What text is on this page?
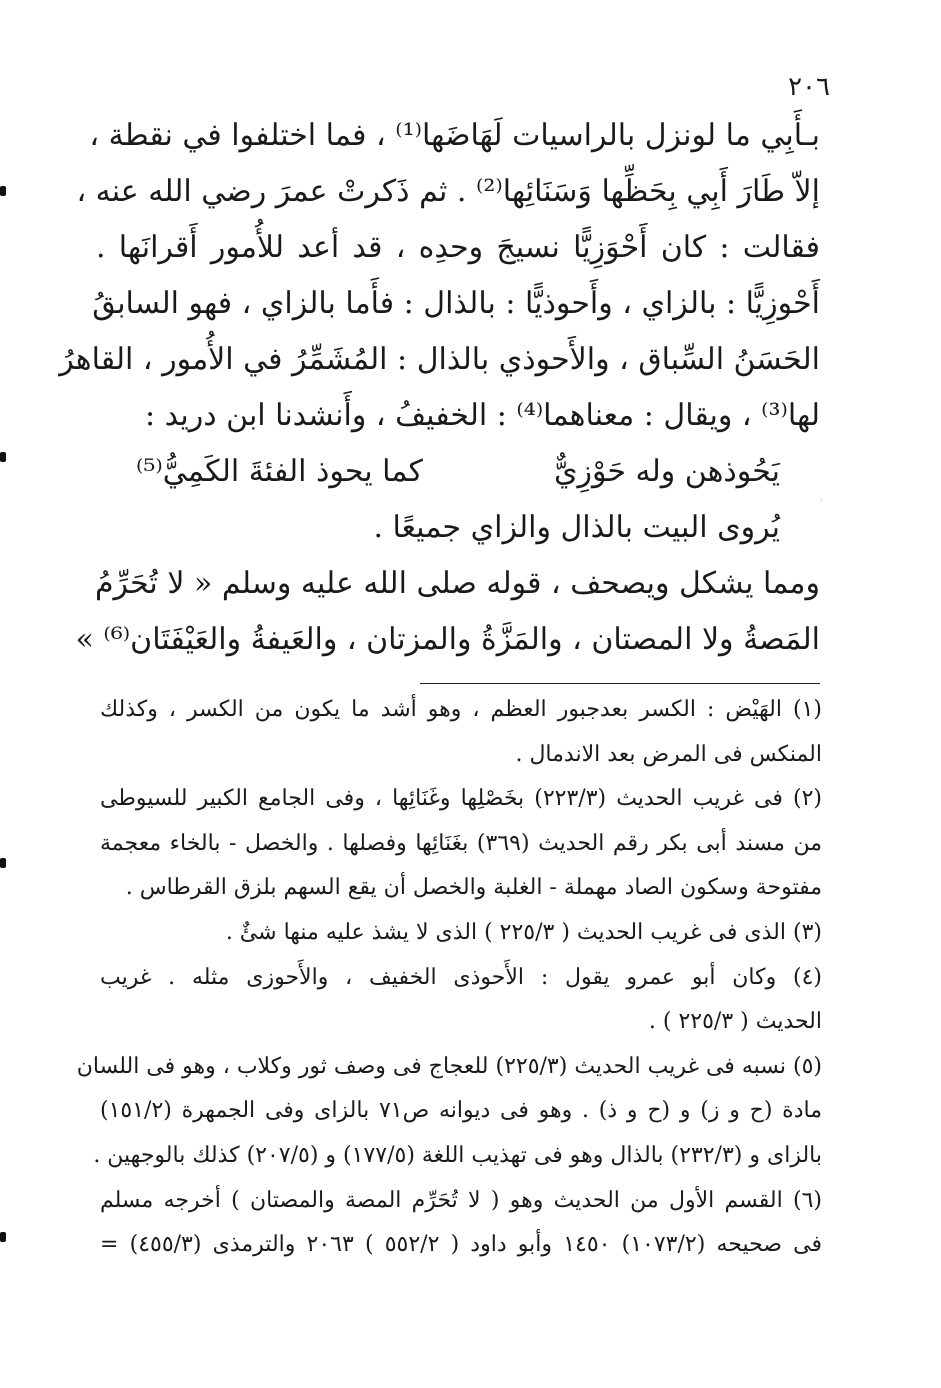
٢٠٦
بـأَبِي ما لونزل بالراسيات لَهَاضَها⁽¹⁾ ، فما اختلفوا في نقطة ،
إلاّ طَارَ أَبِي بِحَظِّها وَسَنَائِها⁽²⁾ . ثم ذَكرتْ عمرَ رضي الله عنه ،
فقالت : كان أَحْوَزِيًّا نسيجَ وحدِه ، قد أعد للأُمور أَقرانَها .
أَحْوزِيًّا : بالزاي ، وأَحوذيًّا : بالذال : فأَما بالزاي ، فهو السابقُ
الحَسَنُ السِّباق ، والأَحوذي بالذال : المُشَمِّرُ في الأُمور ، القاهرُ
لها⁽³⁾ ، ويقال : معناهما⁽⁴⁾ : الخفيفُ ، وأَنشدنا ابن دريد :
يَحُوذهن وله حَوْزِيٌّ
كما يحوذ الفئةَ الكَمِيُّ⁽⁵⁾
يُروى البيت بالذال والزاي جميعًا .
ومما يشكل ويصحف ، قوله صلى الله عليه وسلم « لا تُحَرِّمُ
المَصةُ ولا المصتان ، والمَزَّةُ والمزتان ، والعَيفةُ والعَيْفَتَان⁽⁶⁾ »
(١) الهَيْض : الكسر بعدجبور العظم ، وهو أشد ما يكون من الكسر ، وكذلك
المنكس فى المرض بعد الاندمال .
(٢) فى غريب الحديث (٢٢٣/٣) بخَصْلِها وغَنَائِها ، وفى الجامع الكبير للسيوطى
من مسند أبى بكر رقم الحديث (٣٦٩) بغَنَائِها وفصلها . والخصل - بالخاء معجمة
مفتوحة وسكون الصاد مهملة - الغلبة والخصل أن يقع السهم بلزق القرطاس .
(٣) الذى فى غريب الحديث ( ٢٢٥/٣ ) الذى لا يشذ عليه منها شئٌ .
(٤) وكان أبو عمرو يقول : الأَحوذى الخفيف ، والأَحوزى مثله . غريب
الحديث ( ٢٢٥/٣ ) .
(٥) نسبه فى غريب الحديث (٢٢٥/٣) للعجاج فى وصف ثور وكلاب ، وهو فى اللسان
مادة (ح و ز) و (ح و ذ) . وهو فى ديوانه ص٧١ بالزاى وفى الجمهرة (١٥١/٢)
بالزاى و (٢٣٢/٣) بالذال وهو فى تهذيب اللغة (١٧٧/٥) و (٢٠٧/٥) كذلك بالوجهين .
(٦) القسم الأول من الحديث وهو ( لا تُحَرِّم المصة والمصتان ) أخرجه مسلم
فى صحيحه (١٠٧٣/٢) ١٤٥٠ وأبو داود ( ٥٥٢/٢ ) ٢٠٦٣ والترمذى (٤٥٥/٣) =
·
